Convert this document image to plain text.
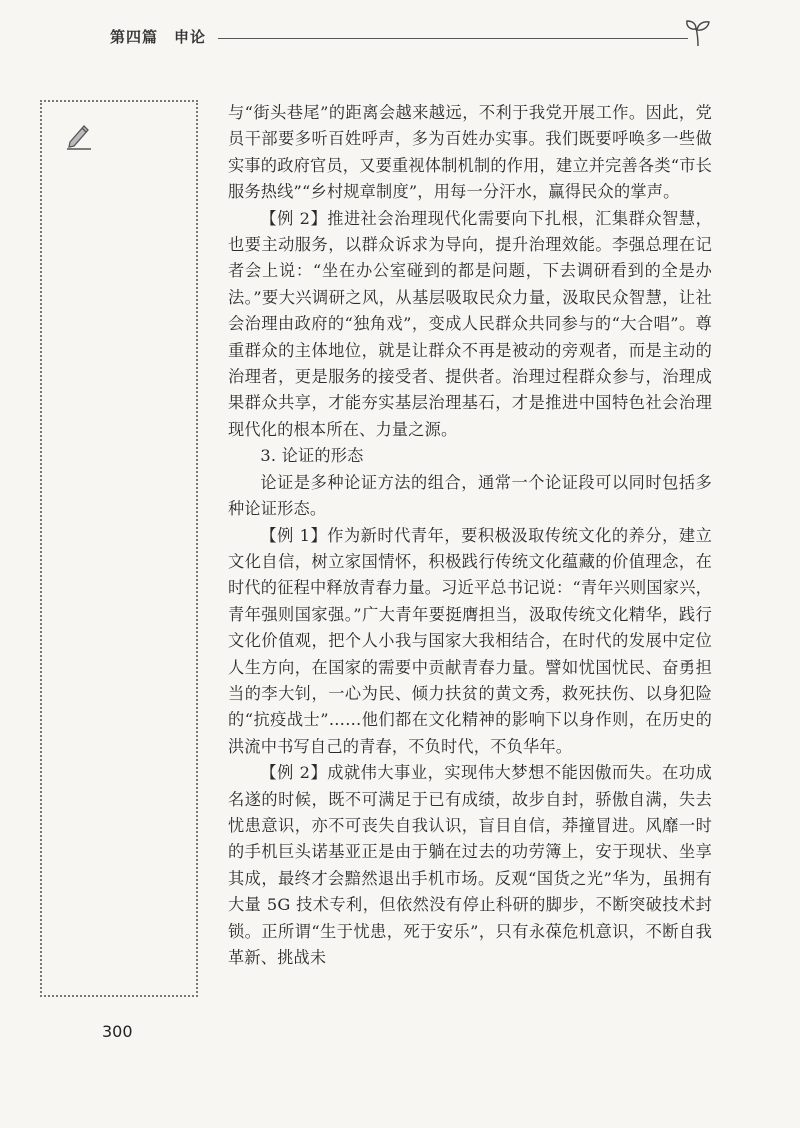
第四篇 申论

与“街头巷尾”的距离会越来越远，不利于我党开展工作。因此，党员干部要多听百姓呼声，多为百姓办实事。我们既要呼唤多一些做实事的政府官员，又要重视体制机制的作用，建立并完善各类“市长服务热线”“乡村规章制度”，用每一分汗水，赢得民众的掌声。

【例 2】推进社会治理现代化需要向下扎根，汇集群众智慧，也要主动服务，以群众诉求为导向，提升治理效能。李强总理在记者会上说：“坐在办公室碰到的都是问题，下去调研看到的全是办法。”要大兴调研之风，从基层吸取民众力量，汲取民众智慧，让社会治理由政府的“独角戏”，变成人民群众共同参与的“大合唱”。尊重群众的主体地位，就是让群众不再是被动的旁观者，而是主动的治理者，更是服务的接受者、提供者。治理过程群众参与，治理成果群众共享，才能夯实基层治理基石，才是推进中国特色社会治理现代化的根本所在、力量之源。

3. 论证的形态

论证是多种论证方法的组合，通常一个论证段可以同时包括多种论证形态。

【例 1】作为新时代青年，要积极汲取传统文化的养分，建立文化自信，树立家国情怀，积极践行传统文化蕴藏的价值理念，在时代的征程中释放青春力量。习近平总书记说：“青年兴则国家兴，青年强则国家强。”广大青年要挺膺担当，汲取传统文化精华，践行文化价值观，把个人小我与国家大我相结合，在时代的发展中定位人生方向，在国家的需要中贡献青春力量。譬如忧国忧民、奋勇担当的李大钊，一心为民、倾力扶贫的黄文秀，救死扶伤、以身犯险的“抗疫战士”……他们都在文化精神的影响下以身作则，在历史的洪流中书写自己的青春，不负时代，不负华年。

【例 2】成就伟大事业，实现伟大梦想不能因傲而失。在功成名遂的时候，既不可满足于已有成绩，故步自封，骄傲自满，失去忧患意识，亦不可丧失自我认识，盲目自信，莽撞冒进。风靡一时的手机巨头诺基亚正是由于躺在过去的功劳簿上，安于现状、坐享其成，最终才会黯然退出手机市场。反观“国货之光”华为，虽拥有大量 5G 技术专利，但依然没有停止科研的脚步，不断突破技术封锁。正所谓“生于忧患，死于安乐”，只有永葆危机意识，不断自我革新、挑战未

300
